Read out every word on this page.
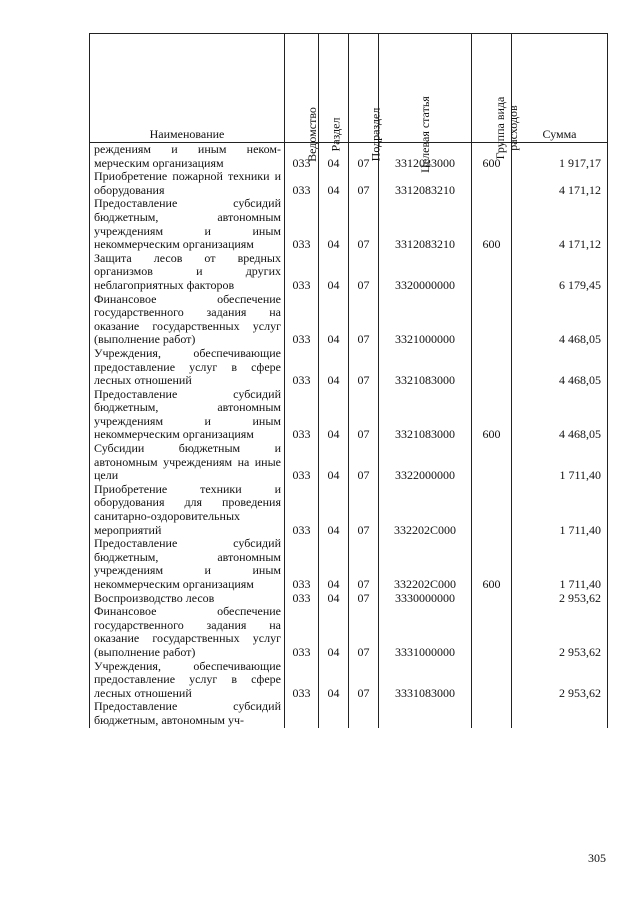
Наименование	Ведомство	Раздел	Подраздел	Целевая статья	Группа вида расходов	Сумма
реждениям и иным неком-мерческим организациям	033	04	07	3312023000	600	1 917,17
Приобретение пожарной техники и оборудования	033	04	07	3312083210		4 171,12
Предоставление субсидий бюджетным, автономным учреждениям и иным некоммерческим организациям	033	04	07	3312083210	600	4 171,12
Защита лесов от вредных организмов и других неблагоприятных факторов	033	04	07	3320000000		6 179,45
Финансовое обеспечение государственного задания на оказание государственных услуг (выполнение работ)	033	04	07	3321000000		4 468,05
Учреждения, обеспечивающие предоставление услуг в сфере лесных отношений	033	04	07	3321083000		4 468,05
Предоставление субсидий бюджетным, автономным учреждениям и иным некоммерческим организациям	033	04	07	3321083000	600	4 468,05
Субсидии бюджетным и автономным учреждениям на иные цели	033	04	07	3322000000		1 711,40
Приобретение техники и оборудования для проведения санитарно-оздоровительных мероприятий	033	04	07	332202С000		1 711,40
Предоставление субсидий бюджетным, автономным учреждениям и иным некоммерческим организациям	033	04	07	332202С000	600	1 711,40
Воспроизводство лесов	033	04	07	3330000000		2 953,62
Финансовое обеспечение государственного задания на оказание государственных услуг (выполнение работ)	033	04	07	3331000000		2 953,62
Учреждения, обеспечивающие предоставление услуг в сфере лесных отношений	033	04	07	3331083000		2 953,62
Предоставление субсидий бюджетным, автономным уч-						
305
